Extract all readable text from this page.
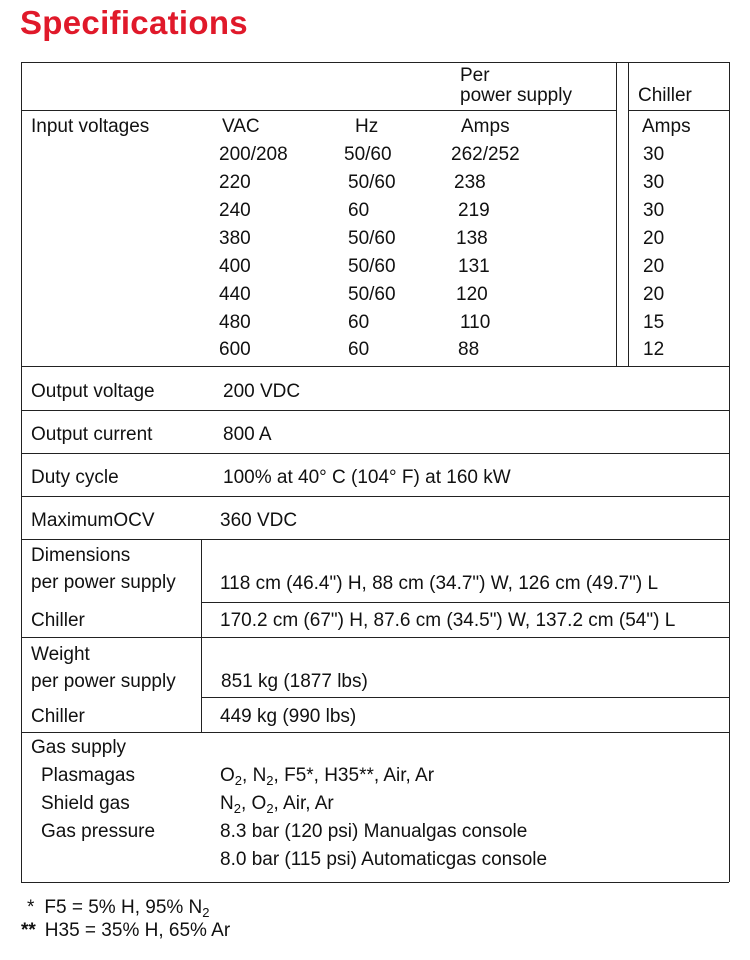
Specifications
Per
power supply	Chiller
Input voltages	VAC	Hz	Amps	Amps
200/208	50/60	262/252	30
220	50/60	238	30
240	60	219	30
380	50/60	138	20
400	50/60	131	20
440	50/60	120	20
480	60	110	15
600	60	88	12
Output voltage	200 VDC
Output current	800 A
Duty cycle	100% at 40° C (104° F) at 160 kW
MaximumOCV	360 VDC
Dimensions
per power supply 118 cm (46.4") H, 88 cm (34.7") W, 126 cm (49.7") L
Chiller	170.2 cm (67") H, 87.6 cm (34.5") W, 137.2 cm (54") L
Weight
per power supply 851 kg (1877 lbs)
Chiller	449 kg (990 lbs)
Gas supply
Plasmagas	$O_2$, $N_2$, F5*, H35**, Air, Ar
Shield gas	$N_2$, $O_2$, Air, Ar
Gas pressure	8.3 bar (120 psi) Manualgas console
8.0 bar (115 psi) Automaticgas console
* F5 = 5% H, 95% $N_2$
** H35 = 35% H, 65% Ar
